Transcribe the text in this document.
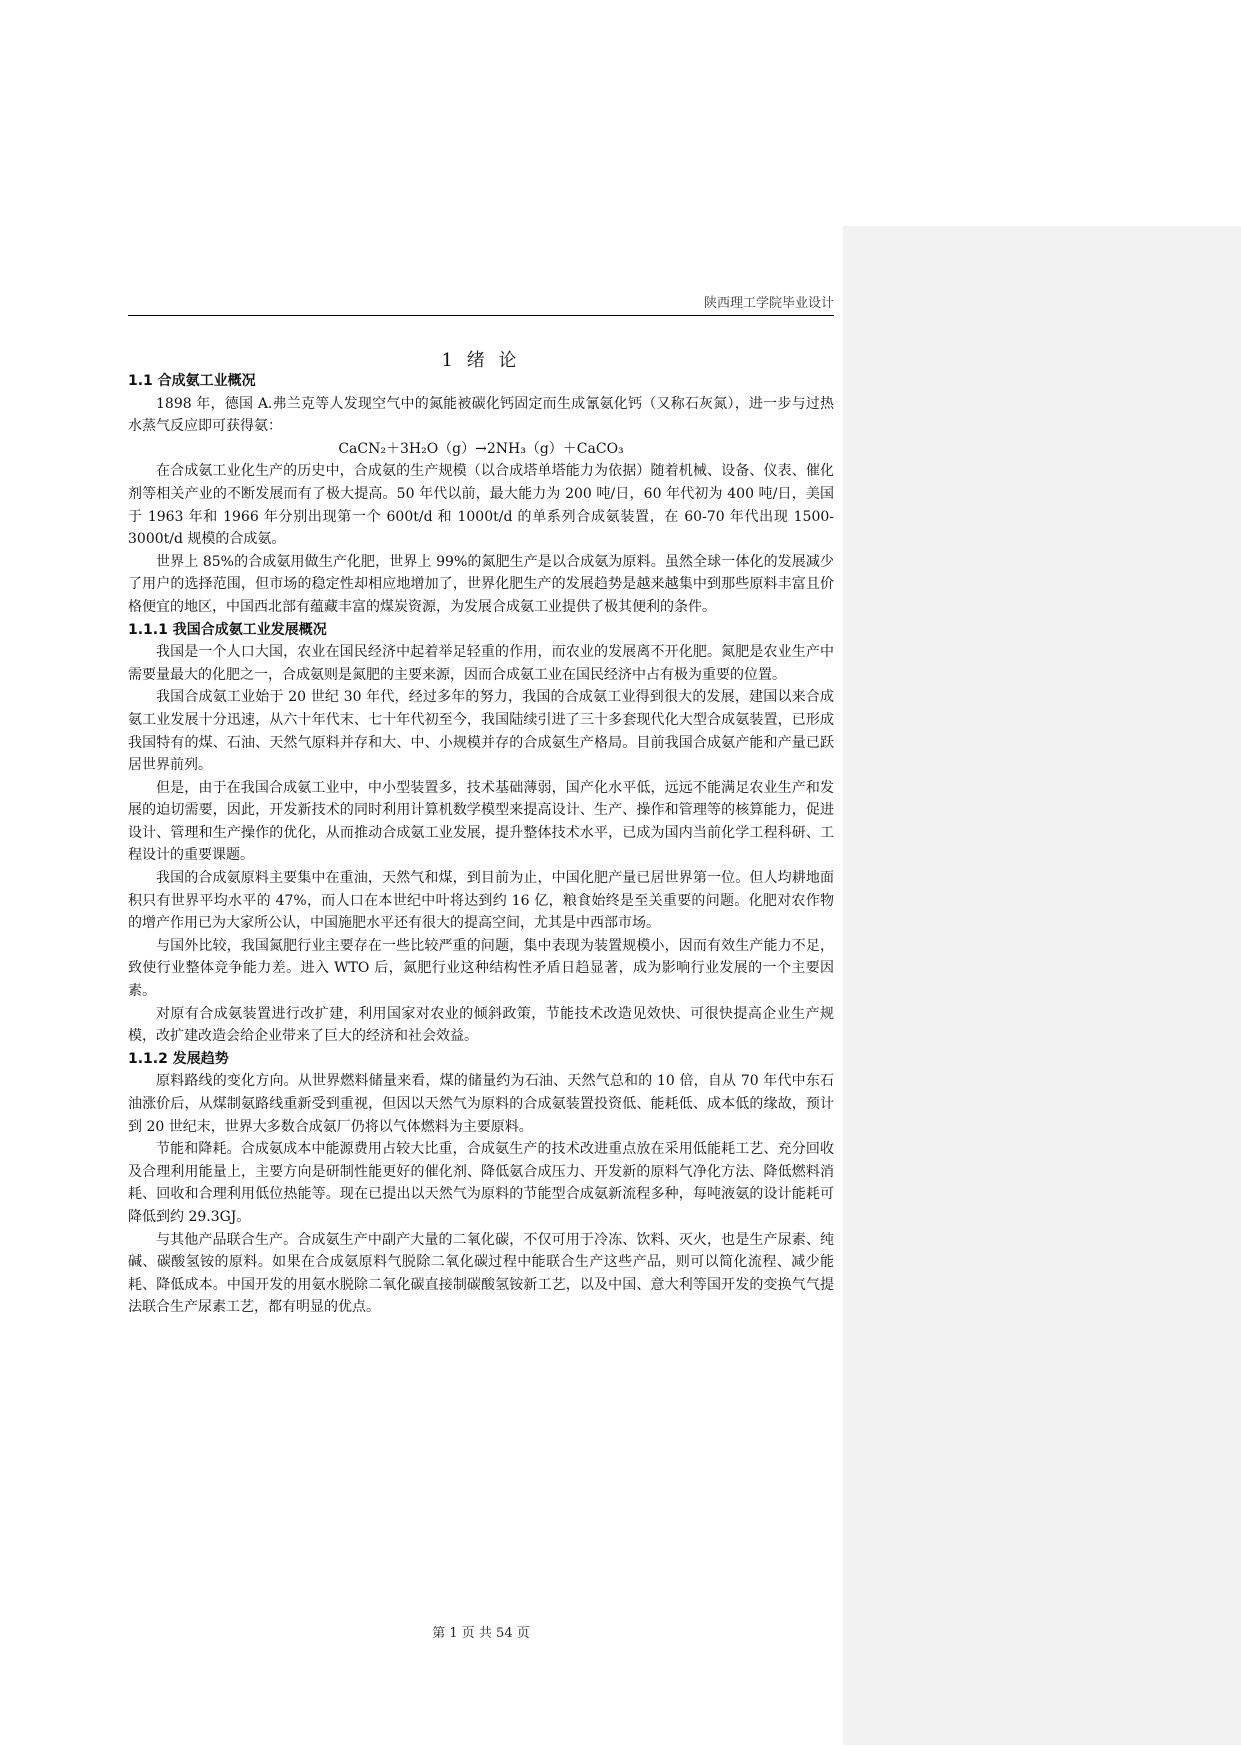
陕西理工学院毕业设计
1 绪 论
1.1 合成氨工业概况

1898 年，德国 A.弗兰克等人发现空气中的氮能被碳化钙固定而生成氰氨化钙（又称石灰氮），进一步与过热水蒸气反应即可获得氨：

CaCN₂＋3H₂O（g）→2NH₃（g）＋CaCO₃

在合成氨工业化生产的历史中，合成氨的生产规模（以合成塔单塔能力为依据）随着机械、设备、仪表、催化剂等相关产业的不断发展而有了极大提高。50 年代以前，最大能力为 200 吨/日，60 年代初为 400 吨/日，美国于 1963 年和 1966 年分别出现第一个 600t/d 和 1000t/d 的单系列合成氨装置，在 60-70 年代出现 1500-3000t/d 规模的合成氨。

世界上 85%的合成氨用做生产化肥，世界上 99%的氮肥生产是以合成氨为原料。虽然全球一体化的发展减少了用户的选择范围，但市场的稳定性却相应地增加了，世界化肥生产的发展趋势是越来越集中到那些原料丰富且价格便宜的地区，中国西北部有蕴藏丰富的煤炭资源，为发展合成氨工业提供了极其便利的条件。

1.1.1 我国合成氨工业发展概况

我国是一个人口大国，农业在国民经济中起着举足轻重的作用，而农业的发展离不开化肥。氮肥是农业生产中需要量最大的化肥之一，合成氨则是氮肥的主要来源，因而合成氨工业在国民经济中占有极为重要的位置。

我国合成氨工业始于 20 世纪 30 年代，经过多年的努力，我国的合成氨工业得到很大的发展，建国以来合成氨工业发展十分迅速，从六十年代末、七十年代初至今，我国陆续引进了三十多套现代化大型合成氨装置，已形成我国特有的煤、石油、天然气原料并存和大、中、小规模并存的合成氨生产格局。目前我国合成氨产能和产量已跃居世界前列。

但是，由于在我国合成氨工业中，中小型装置多，技术基础薄弱，国产化水平低，远远不能满足农业生产和发展的迫切需要，因此，开发新技术的同时利用计算机数学模型来提高设计、生产、操作和管理等的核算能力，促进设计、管理和生产操作的优化，从而推动合成氨工业发展，提升整体技术水平，已成为国内当前化学工程科研、工程设计的重要课题。

我国的合成氨原料主要集中在重油，天然气和煤，到目前为止，中国化肥产量已居世界第一位。但人均耕地面积只有世界平均水平的 47%，而人口在本世纪中叶将达到约 16 亿，粮食始终是至关重要的问题。化肥对农作物的增产作用已为大家所公认，中国施肥水平还有很大的提高空间，尤其是中西部市场。

与国外比较，我国氮肥行业主要存在一些比较严重的问题，集中表现为装置规模小，因而有效生产能力不足，致使行业整体竞争能力差。进入 WTO 后，氮肥行业这种结构性矛盾日趋显著，成为影响行业发展的一个主要因素。

对原有合成氨装置进行改扩建，利用国家对农业的倾斜政策，节能技术改造见效快、可很快提高企业生产规模，改扩建改造会给企业带来了巨大的经济和社会效益。

1.1.2 发展趋势

原料路线的变化方向。从世界燃料储量来看，煤的储量约为石油、天然气总和的 10 倍，自从 70 年代中东石油涨价后，从煤制氨路线重新受到重视，但因以天然气为原料的合成氨装置投资低、能耗低、成本低的缘故，预计到 20 世纪末，世界大多数合成氨厂仍将以气体燃料为主要原料。

节能和降耗。合成氨成本中能源费用占较大比重，合成氨生产的技术改进重点放在采用低能耗工艺、充分回收及合理利用能量上，主要方向是研制性能更好的催化剂、降低氨合成压力、开发新的原料气净化方法、降低燃料消耗、回收和合理利用低位热能等。现在已提出以天然气为原料的节能型合成氨新流程多种，每吨液氨的设计能耗可降低到约 29.3GJ。

与其他产品联合生产。合成氨生产中副产大量的二氧化碳，不仅可用于冷冻、饮料、灭火，也是生产尿素、纯碱、碳酸氢铵的原料。如果在合成氨原料气脱除二氧化碳过程中能联合生产这些产品，则可以简化流程、减少能耗、降低成本。中国开发的用氨水脱除二氧化碳直接制碳酸氢铵新工艺，以及中国、意大利等国开发的变换气气提法联合生产尿素工艺，都有明显的优点。

第 1 页 共 54 页
